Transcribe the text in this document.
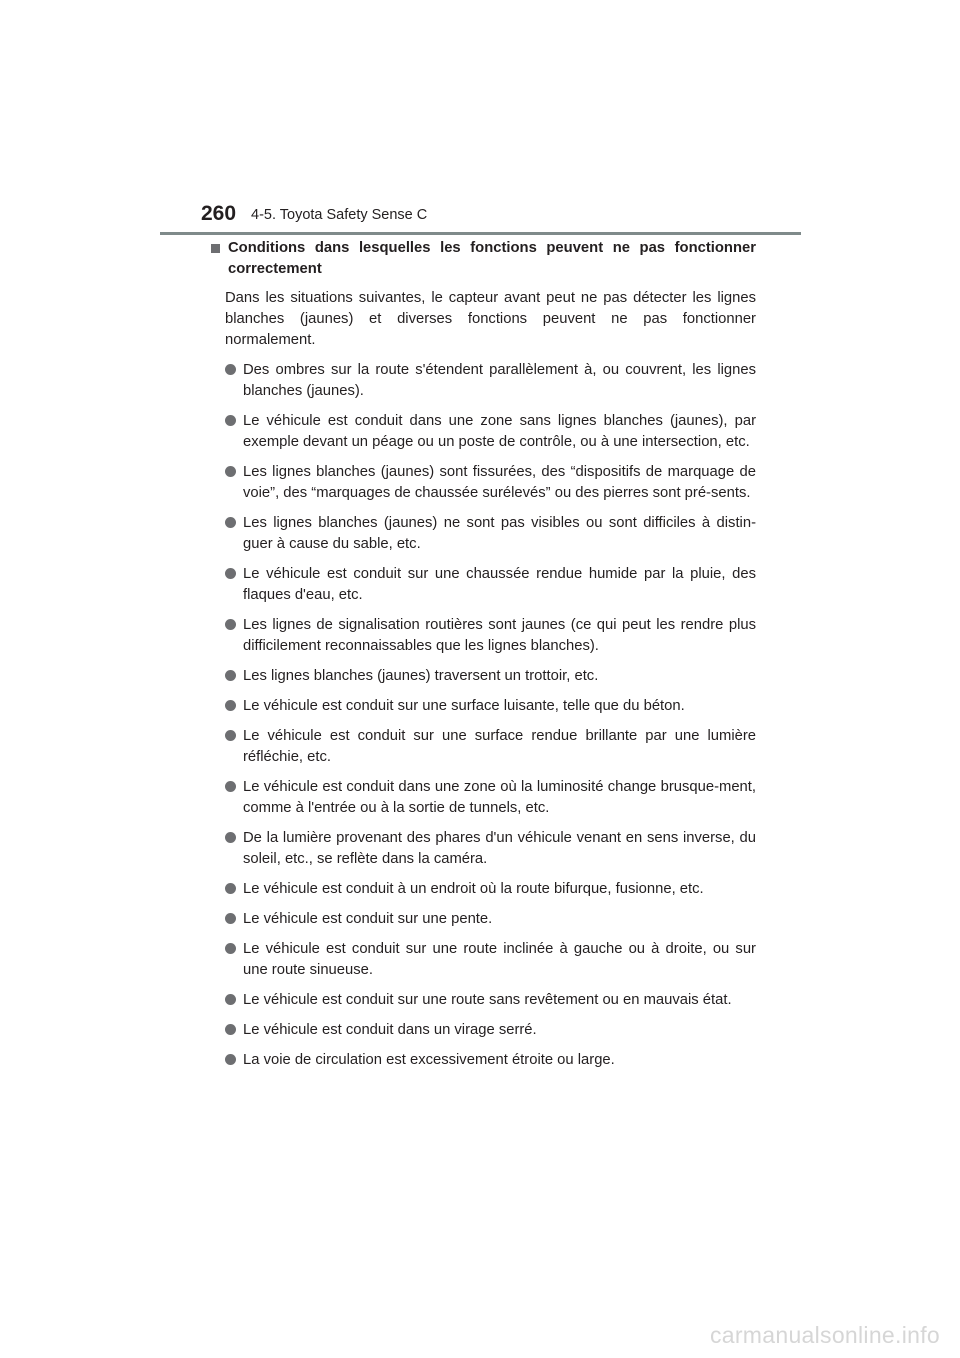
260 4-5. Toyota Safety Sense C
Conditions dans lesquelles les fonctions peuvent ne pas fonctionner correctement

Dans les situations suivantes, le capteur avant peut ne pas détecter les lignes blanches (jaunes) et diverses fonctions peuvent ne pas fonctionner normalement.

Des ombres sur la route s'étendent parallèlement à, ou couvrent, les lignes blanches (jaunes).
Le véhicule est conduit dans une zone sans lignes blanches (jaunes), par exemple devant un péage ou un poste de contrôle, ou à une intersection, etc.
Les lignes blanches (jaunes) sont fissurées, des “dispositifs de marquage de voie”, des “marquages de chaussée surélevés” ou des pierres sont pré-sents.
Les lignes blanches (jaunes) ne sont pas visibles ou sont difficiles à distin-guer à cause du sable, etc.
Le véhicule est conduit sur une chaussée rendue humide par la pluie, des flaques d'eau, etc.
Les lignes de signalisation routières sont jaunes (ce qui peut les rendre plus difficilement reconnaissables que les lignes blanches).
Les lignes blanches (jaunes) traversent un trottoir, etc.
Le véhicule est conduit sur une surface luisante, telle que du béton.
Le véhicule est conduit sur une surface rendue brillante par une lumière réfléchie, etc.
Le véhicule est conduit dans une zone où la luminosité change brusque-ment, comme à l'entrée ou à la sortie de tunnels, etc.
De la lumière provenant des phares d'un véhicule venant en sens inverse, du soleil, etc., se reflète dans la caméra.
Le véhicule est conduit à un endroit où la route bifurque, fusionne, etc.
Le véhicule est conduit sur une pente.
Le véhicule est conduit sur une route inclinée à gauche ou à droite, ou sur une route sinueuse.
Le véhicule est conduit sur une route sans revêtement ou en mauvais état.
Le véhicule est conduit dans un virage serré.
La voie de circulation est excessivement étroite ou large.
carmanualsonline.info
